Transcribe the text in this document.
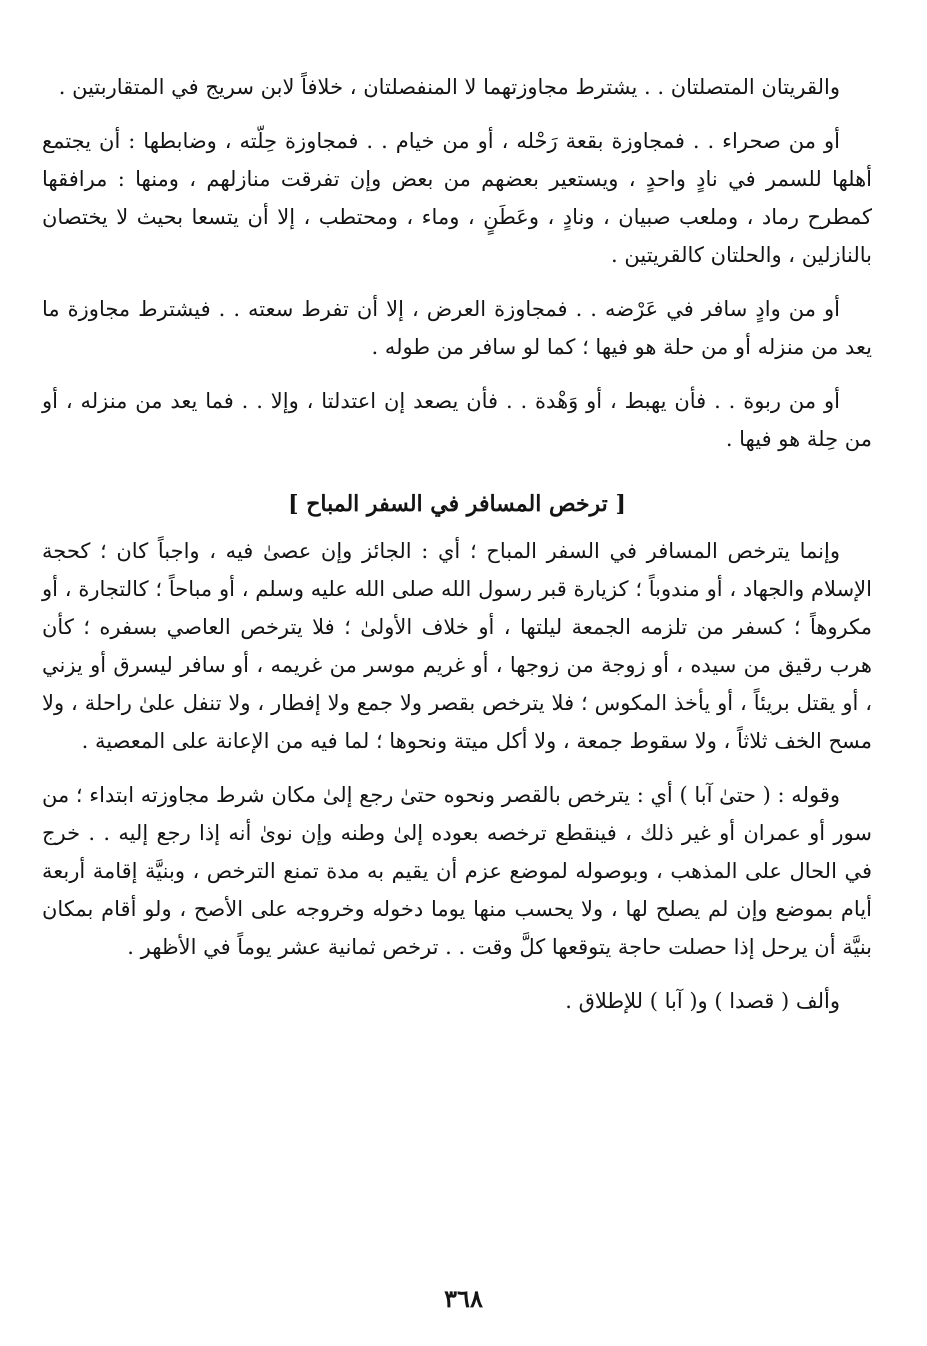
والقريتان المتصلتان . . يشترط مجاوزتهما لا المنفصلتان ، خلافاً لابن سريج في المتقاربتين .

أو من صحراء . . فمجاوزة بقعة رَحْله ، أو من خيام . . فمجاوزة حِلّته ، وضابطها : أن يجتمع أهلها للسمر في نادٍ واحدٍ ، ويستعير بعضهم من بعض وإن تفرقت منازلهم ، ومنها : مرافقها كمطرح رماد ، وملعب صبيان ، ونادٍ ، وعَطَنٍ ، وماء ، ومحتطب ، إلا أن يتسعا بحيث لا يختصان بالنازلين ، والحلتان كالقريتين .

أو من وادٍ سافر في عَرْضه . . فمجاوزة العرض ، إلا أن تفرط سعته . . فيشترط مجاوزة ما يعد من منزله أو من حلة هو فيها ؛ كما لو سافر من طوله .

أو من ربوة . . فأن يهبط ، أو وَهْدة . . فأن يصعد إن اعتدلتا ، وإلا . . فما يعد من منزله ، أو من حِلة هو فيها .

[ ترخص المسافر في السفر المباح ]

وإنما يترخص المسافر في السفر المباح ؛ أي : الجائز وإن عصىٰ فيه ، واجباً كان ؛ كحجة الإسلام والجهاد ، أو مندوباً ؛ كزيارة قبر رسول الله صلى الله عليه وسلم ، أو مباحاً ؛ كالتجارة ، أو مكروهاً ؛ كسفر من تلزمه الجمعة ليلتها ، أو خلاف الأولىٰ ؛ فلا يترخص العاصي بسفره ؛ كأن هرب رقيق من سيده ، أو زوجة من زوجها ، أو غريم موسر من غريمه ، أو سافر ليسرق أو يزني ، أو يقتل بريئاً ، أو يأخذ المكوس ؛ فلا يترخص بقصر ولا جمع ولا إفطار ، ولا تنفل علىٰ راحلة ، ولا مسح الخف ثلاثاً ، ولا سقوط جمعة ، ولا أكل ميتة ونحوها ؛ لما فيه من الإعانة على المعصية .

وقوله : ( حتىٰ آبا ) أي : يترخص بالقصر ونحوه حتىٰ رجع إلىٰ مكان شرط مجاوزته ابتداء ؛ من سور أو عمران أو غير ذلك ، فينقطع ترخصه بعوده إلىٰ وطنه وإن نوىٰ أنه إذا رجع إليه . . خرج في الحال على المذهب ، وبوصوله لموضع عزم أن يقيم به مدة تمنع الترخص ، وبنيَّة إقامة أربعة أيام بموضع وإن لم يصلح لها ، ولا يحسب منها يوما دخوله وخروجه على الأصح ، ولو أقام بمكان بنيَّة أن يرحل إذا حصلت حاجة يتوقعها كلَّ وقت . . ترخص ثمانية عشر يوماً في الأظهر .

وألف ( قصدا ) و( آبا ) للإطلاق .

٣٦٨
